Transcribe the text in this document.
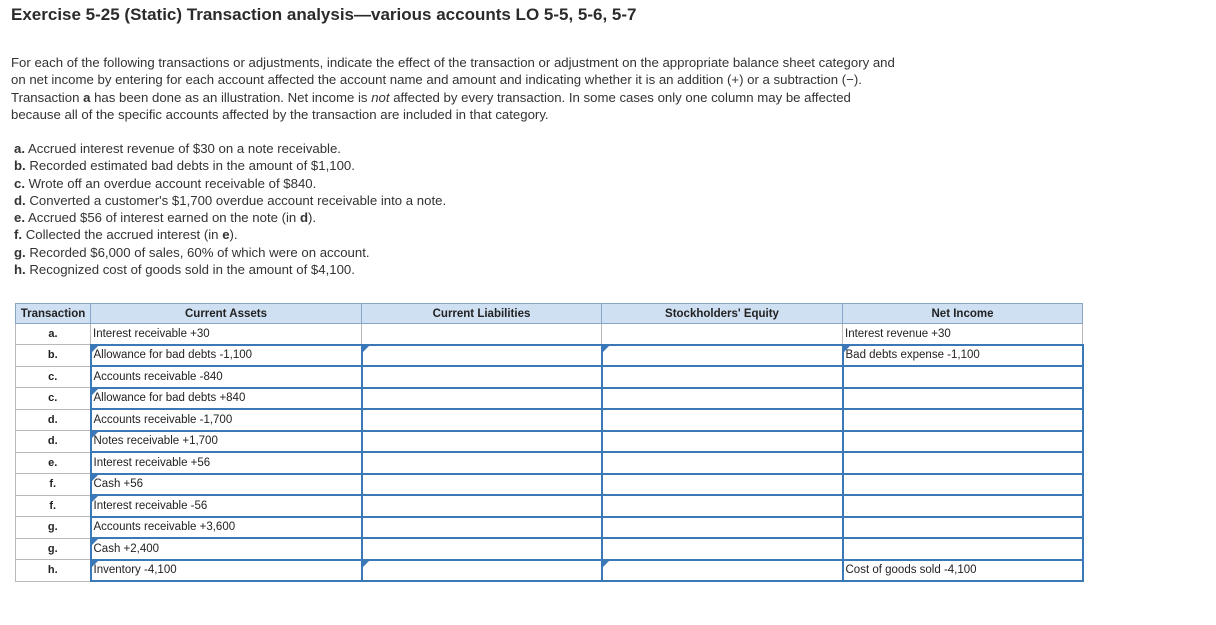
Exercise 5-25 (Static) Transaction analysis—various accounts LO 5-5, 5-6, 5-7
For each of the following transactions or adjustments, indicate the effect of the transaction or adjustment on the appropriate balance sheet category and on net income by entering for each account affected the account name and amount and indicating whether it is an addition (+) or a subtraction (−). Transaction a has been done as an illustration. Net income is not affected by every transaction. In some cases only one column may be affected because all of the specific accounts affected by the transaction are included in that category.
a. Accrued interest revenue of $30 on a note receivable.
b. Recorded estimated bad debts in the amount of $1,100.
c. Wrote off an overdue account receivable of $840.
d. Converted a customer's $1,700 overdue account receivable into a note.
e. Accrued $56 of interest earned on the note (in d).
f. Collected the accrued interest (in e).
g. Recorded $6,000 of sales, 60% of which were on account.
h. Recognized cost of goods sold in the amount of $4,100.
Transaction	Current Assets	Current Liabilities	Stockholders' Equity	Net Income
a.	Interest receivable +30			Interest revenue +30
b.	Allowance for bad debts -1,100			Bad debts expense -1,100
c.	Accounts receivable -840			
c.	Allowance for bad debts +840			
d.	Accounts receivable -1,700			
d.	Notes receivable +1,700			
e.	Interest receivable +56			
f.	Cash +56			
f.	Interest receivable -56			
g.	Accounts receivable +3,600			
g.	Cash +2,400			
h.	Inventory -4,100			Cost of goods sold -4,100
